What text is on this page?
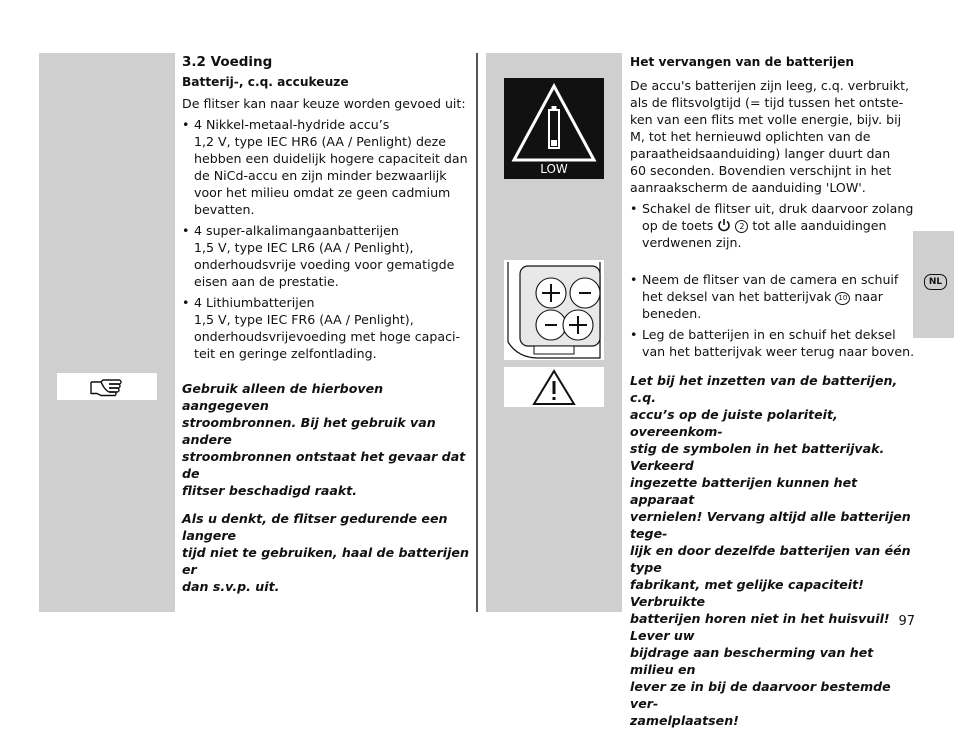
LOW

3.2 Voeding

Batterij-, c.q. accukeuze

De flitser kan naar keuze worden gevoed uit:

• 4 Nikkel-metaal-hydride accu’s

1,2 V, type IEC HR6 (AA / Penlight) deze

hebben een duidelijk hogere capaciteit dan

de NiCd-accu en zijn minder bezwaarlijk

voor het milieu omdat ze geen cadmium

bevatten.

• 4 super-alkalimangaanbatterijen

1,5 V, type IEC LR6 (AA / Penlight),

onderhoudsvrije voeding voor gematigde

eisen aan de prestatie.

• 4 Lithiumbatterijen

1,5 V, type IEC FR6 (AA / Penlight),

onderhoudsvrijevoeding met hoge capaci-

teit en geringe zelfontlading.

Gebruik alleen de hierboven aangegeven

stroombronnen. Bij het gebruik van andere

stroombronnen ontstaat het gevaar dat de

flitser beschadigd raakt.

Als u denkt, de flitser gedurende een langere

tijd niet te gebruiken, haal de batterijen er

dan s.v.p. uit.

Het vervangen van de batterijen

De accu's batterijen zijn leeg, c.q. verbruikt,

als de flitsvolgtijd (= tijd tussen het ontste-

ken van een flits met volle energie, bijv. bij

M, tot het hernieuwd oplichten van de

paraatheidsaanduiding) langer duurt dan

60 seconden. Bovendien verschijnt in het

aanraakscherm de aanduiding 'LOW'.

• Schakel de flitser uit, druk daarvoor zolang

op de toets	2 tot alle aanduidingen

verdwenen zijn.

• Neem de flitser van de camera en schuif

het deksel van het batterijvak 10 naar

beneden.

• Leg de batterijen in en schuif het deksel

van het batterijvak weer terug naar boven.

Let bij het inzetten van de batterijen, c.q.

accu’s op de juiste polariteit, overeenkom-

stig de symbolen in het batterijvak. Verkeerd

ingezette batterijen kunnen het apparaat

vernielen! Vervang altijd alle batterijen tege-

lijk en door dezelfde batterijen van één type

fabrikant, met gelijke capaciteit! Verbruikte

batterijen horen niet in het huisvuil! Lever uw

bijdrage aan bescherming van het milieu en

lever ze in bij de daarvoor bestemde ver-

zamelplaatsen!

NL
97
